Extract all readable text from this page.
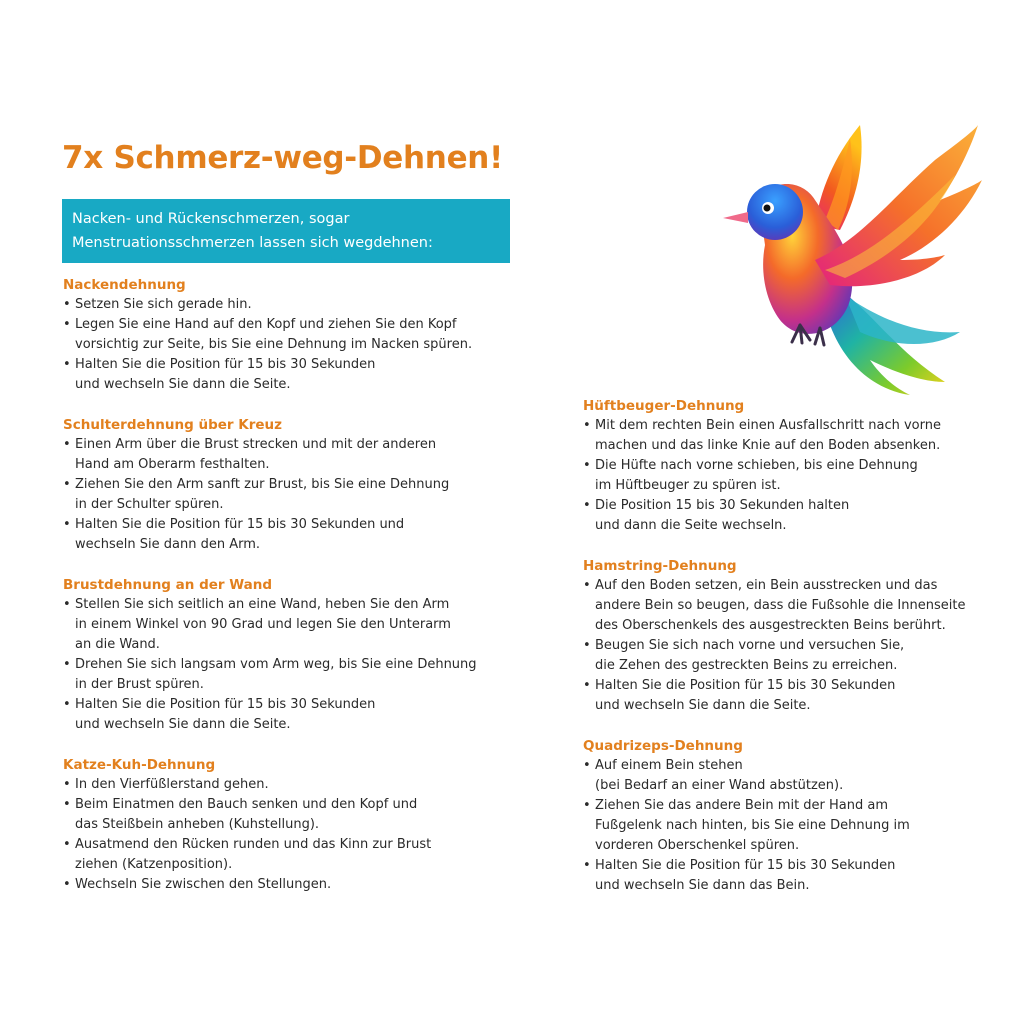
7x Schmerz-weg-Dehnen!
Nacken- und Rückenschmerzen, sogar
Menstruationsschmerzen lassen sich wegdehnen:
Nackendehnung
• Setzen Sie sich gerade hin.
• Legen Sie eine Hand auf den Kopf und ziehen Sie den Kopf
vorsichtig zur Seite, bis Sie eine Dehnung im Nacken spüren.
• Halten Sie die Position für 15 bis 30 Sekunden
und wechseln Sie dann die Seite.
Schulterdehnung über Kreuz
• Einen Arm über die Brust strecken und mit der anderen
Hand am Oberarm festhalten.
• Ziehen Sie den Arm sanft zur Brust, bis Sie eine Dehnung
in der Schulter spüren.
• Halten Sie die Position für 15 bis 30 Sekunden und
wechseln Sie dann den Arm.
Brustdehnung an der Wand
• Stellen Sie sich seitlich an eine Wand, heben Sie den Arm
in einem Winkel von 90 Grad und legen Sie den Unterarm
an die Wand.
• Drehen Sie sich langsam vom Arm weg, bis Sie eine Dehnung
in der Brust spüren.
• Halten Sie die Position für 15 bis 30 Sekunden
und wechseln Sie dann die Seite.
Katze-Kuh-Dehnung
• In den Vierfüßlerstand gehen.
• Beim Einatmen den Bauch senken und den Kopf und
das Steißbein anheben (Kuhstellung).
• Ausatmend den Rücken runden und das Kinn zur Brust
ziehen (Katzenposition).
• Wechseln Sie zwischen den Stellungen.
Hüftbeuger-Dehnung
• Mit dem rechten Bein einen Ausfallschritt nach vorne
machen und das linke Knie auf den Boden absenken.
• Die Hüfte nach vorne schieben, bis eine Dehnung
im Hüftbeuger zu spüren ist.
• Die Position 15 bis 30 Sekunden halten
und dann die Seite wechseln.
Hamstring-Dehnung
• Auf den Boden setzen, ein Bein ausstrecken und das
andere Bein so beugen, dass die Fußsohle die Innenseite
des Oberschenkels des ausgestreckten Beins berührt.
• Beugen Sie sich nach vorne und versuchen Sie,
die Zehen des gestreckten Beins zu erreichen.
• Halten Sie die Position für 15 bis 30 Sekunden
und wechseln Sie dann die Seite.
Quadrizeps-Dehnung
• Auf einem Bein stehen
(bei Bedarf an einer Wand abstützen).
• Ziehen Sie das andere Bein mit der Hand am
Fußgelenk nach hinten, bis Sie eine Dehnung im
vorderen Oberschenkel spüren.
• Halten Sie die Position für 15 bis 30 Sekunden
und wechseln Sie dann das Bein.
